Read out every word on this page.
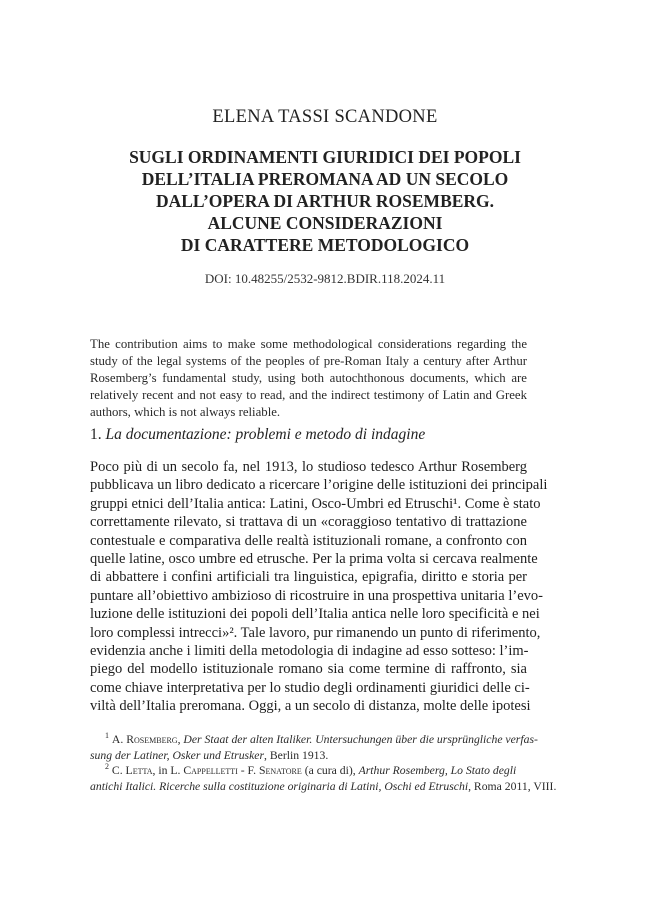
ELENA TASSI SCANDONE
SUGLI ORDINAMENTI GIURIDICI DEI POPOLI
DELL’ITALIA PREROMANA AD UN SECOLO
DALL’OPERA DI ARTHUR ROSEMBERG.
ALCUNE CONSIDERAZIONI
DI CARATTERE METODOLOGICO
DOI: 10.48255/2532-9812.BDIR.118.2024.11
The contribution aims to make some methodological considerations regarding the study of the legal systems of the peoples of pre-Roman Italy a century after Arthur Rosemberg’s fundamental study, using both autochthonous documents, which are relatively recent and not easy to read, and the indirect testimony of Latin and Greek authors, which is not always reliable.
1. La documentazione: problemi e metodo di indagine
Poco più di un secolo fa, nel 1913, lo studioso tedesco Arthur Rosemberg
pubblicava un libro dedicato a ricercare l’origine delle istituzioni dei principali
gruppi etnici dell’Italia antica: Latini, Osco-Umbri ed Etruschi¹. Come è stato
correttamente rilevato, si trattava di un «coraggioso tentativo di trattazione
contestuale e comparativa delle realtà istituzionali romane, a confronto con
quelle latine, osco umbre ed etrusche. Per la prima volta si cercava realmente
di abbattere i confini artificiali tra linguistica, epigrafia, diritto e storia per
puntare all’obiettivo ambizioso di ricostruire in una prospettiva unitaria l’evo-
luzione delle istituzioni dei popoli dell’Italia antica nelle loro specificità e nei
loro complessi intrecci»². Tale lavoro, pur rimanendo un punto di riferimento,
evidenzia anche i limiti della metodologia di indagine ad esso sotteso: l’im-
piego del modello istituzionale romano sia come termine di raffronto, sia
come chiave interpretativa per lo studio degli ordinamenti giuridici delle ci-
viltà dell’Italia preromana. Oggi, a un secolo di distanza, molte delle ipotesi
$^1$ A. Rosemberg, Der Staat der alten Italiker. Untersuchungen über die ursprüngliche verfas-
sung der Latiner, Osker und Etrusker, Berlin 1913.
$^2$ C. Letta, in L. Cappelletti - F. Senatore (a cura di), Arthur Rosemberg, Lo Stato degli
antichi Italici. Ricerche sulla costituzione originaria di Latini, Oschi ed Etruschi, Roma 2011, VIII.
